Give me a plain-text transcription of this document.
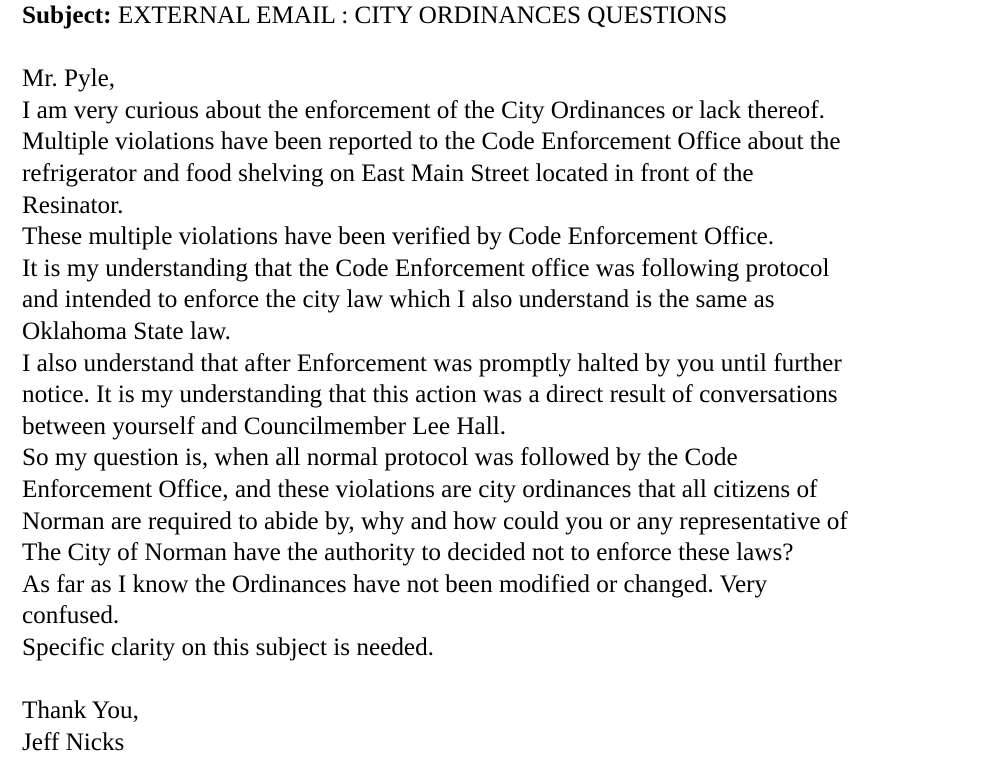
Subject: EXTERNAL EMAIL : CITY ORDINANCES QUESTIONS

Mr. Pyle,

I am very curious about the enforcement of the City Ordinances or lack thereof.

Multiple violations have been reported to the Code Enforcement Office about the

refrigerator and food shelving on East Main Street located in front of the

Resinator.

These multiple violations have been verified by Code Enforcement Office.

It is my understanding that the Code Enforcement office was following protocol

and intended to enforce the city law which I also understand is the same as

Oklahoma State law.

I also understand that after Enforcement was promptly halted by you until further

notice. It is my understanding that this action was a direct result of conversations

between yourself and Councilmember Lee Hall.

So my question is, when all normal protocol was followed by the Code

Enforcement Office, and these violations are city ordinances that all citizens of

Norman are required to abide by, why and how could you or any representative of

The City of Norman have the authority to decided not to enforce these laws?

As far as I know the Ordinances have not been modified or changed. Very

confused.

Specific clarity on this subject is needed.

Thank You,

Jeff Nicks
